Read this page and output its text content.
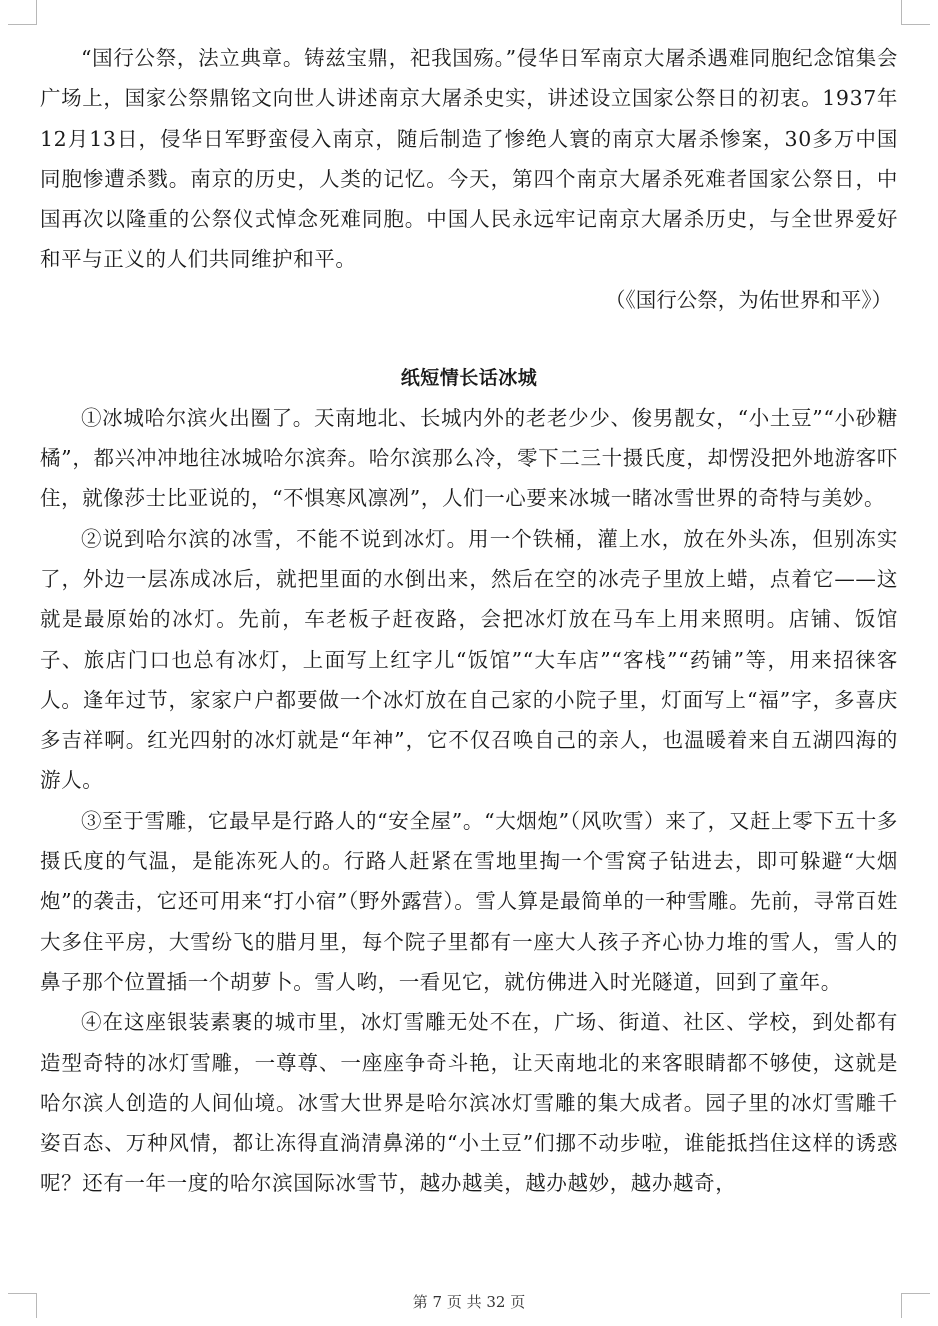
“国行公祭，法立典章。铸兹宝鼎，祀我国殇。”侵华日军南京大屠杀遇难同胞纪念馆集会广场上，国家公祭鼎铭文向世人讲述南京大屠杀史实，讲述设立国家公祭日的初衷。1937年12月13日，侵华日军野蛮侵入南京，随后制造了惨绝人寰的南京大屠杀惨案，30多万中国同胞惨遭杀戮。南京的历史，人类的记忆。今天，第四个南京大屠杀死难者国家公祭日，中国再次以隆重的公祭仪式悼念死难同胞。中国人民永远牢记南京大屠杀历史，与全世界爱好和平与正义的人们共同维护和平。

（《国行公祭，为佑世界和平》）

纸短情长话冰城

①冰城哈尔滨火出圈了。天南地北、长城内外的老老少少、俊男靓女，“小土豆”“小砂糖橘”，都兴冲冲地往冰城哈尔滨奔。哈尔滨那么冷，零下二三十摄氏度，却愣没把外地游客吓住，就像莎士比亚说的，“不惧寒风凛冽”，人们一心要来冰城一睹冰雪世界的奇特与美妙。

②说到哈尔滨的冰雪，不能不说到冰灯。用一个铁桶，灌上水，放在外头冻，但别冻实了，外边一层冻成冰后，就把里面的水倒出来，然后在空的冰壳子里放上蜡，点着它——这就是最原始的冰灯。先前，车老板子赶夜路，会把冰灯放在马车上用来照明。店铺、饭馆子、旅店门口也总有冰灯，上面写上红字儿“饭馆”“大车店”“客栈”“药铺”等，用来招徕客人。逢年过节，家家户户都要做一个冰灯放在自己家的小院子里，灯面写上“福”字，多喜庆多吉祥啊。红光四射的冰灯就是“年神”，它不仅召唤自己的亲人，也温暖着来自五湖四海的游人。

③至于雪雕，它最早是行路人的“安全屋”。“大烟炮”（风吹雪）来了，又赶上零下五十多摄氏度的气温，是能冻死人的。行路人赶紧在雪地里掏一个雪窝子钻进去，即可躲避“大烟炮”的袭击，它还可用来“打小宿”（野外露营）。雪人算是最简单的一种雪雕。先前，寻常百姓大多住平房，大雪纷飞的腊月里，每个院子里都有一座大人孩子齐心协力堆的雪人，雪人的鼻子那个位置插一个胡萝卜。雪人哟，一看见它，就仿佛进入时光隧道，回到了童年。

④在这座银装素裹的城市里，冰灯雪雕无处不在，广场、街道、社区、学校，到处都有造型奇特的冰灯雪雕，一尊尊、一座座争奇斗艳，让天南地北的来客眼睛都不够使，这就是哈尔滨人创造的人间仙境。冰雪大世界是哈尔滨冰灯雪雕的集大成者。园子里的冰灯雪雕千姿百态、万种风情，都让冻得直淌清鼻涕的“小土豆”们挪不动步啦，谁能抵挡住这样的诱惑呢？还有一年一度的哈尔滨国际冰雪节，越办越美，越办越妙，越办越奇，

第 7 页 共 32 页
